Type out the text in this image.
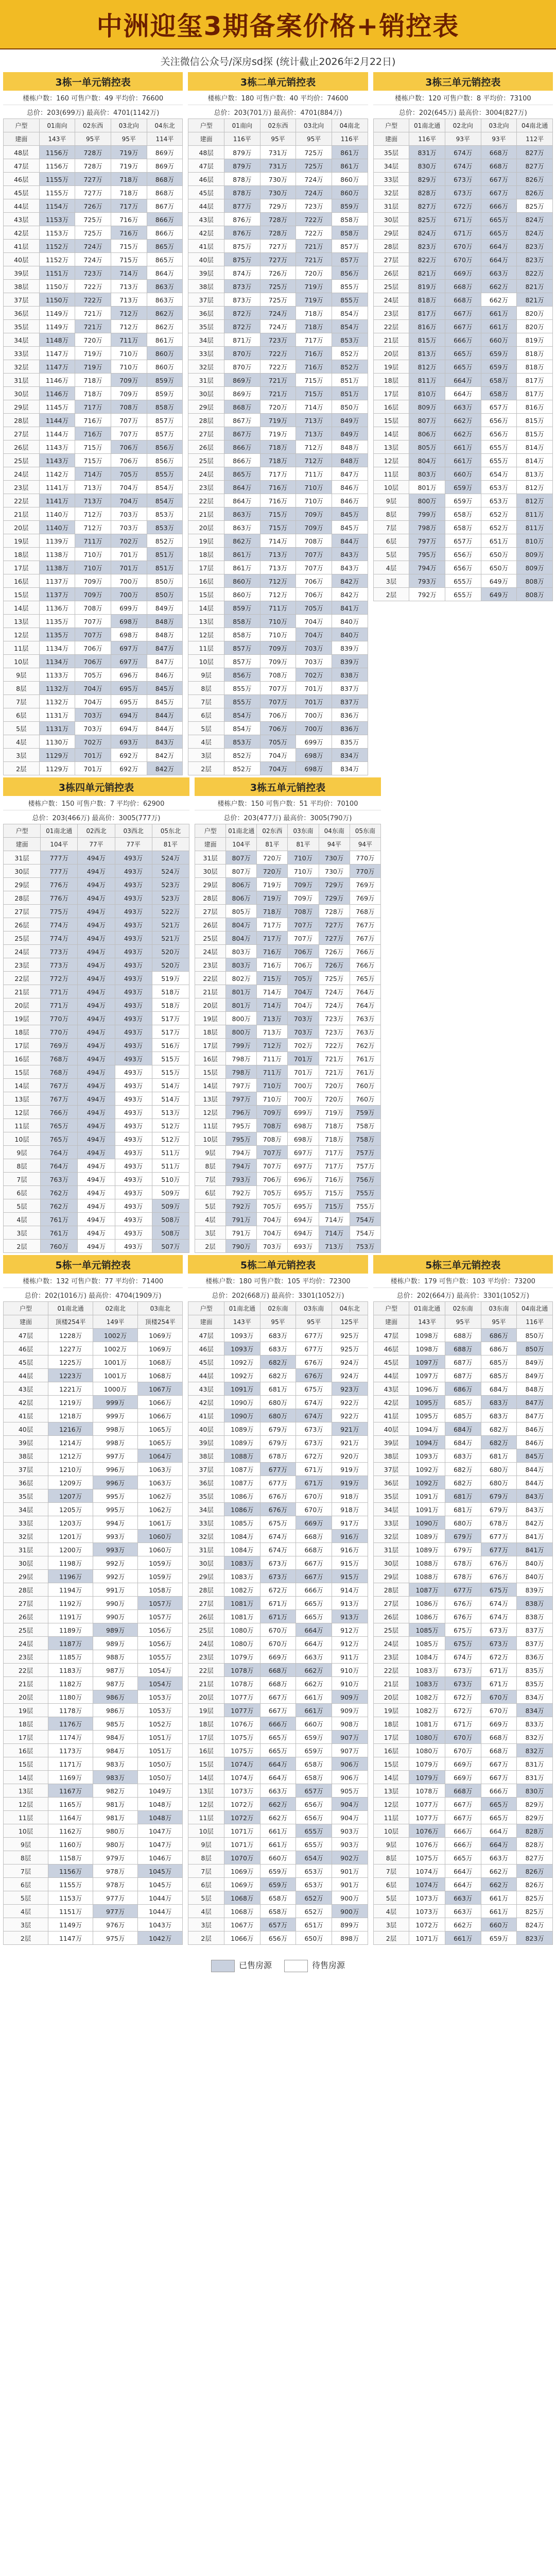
中洲迎玺3期备案价格+销控表
关注微信公众号/深房sd探 (统计截止2026年2月22日)
3栋一单元销控表
楼栋户数：160 可售户数：49 平均价：76600
总价：203(699万) 最高价：4701(1142万)
户型	01南向	02东西	03北向	04东北
建面	143平	95平	95平	114平
48层	1156万	728万	719万	869万
47层	1156万	728万	719万	869万
46层	1155万	727万	718万	868万
45层	1155万	727万	718万	868万
44层	1154万	726万	717万	867万
43层	1153万	725万	716万	866万
42层	1153万	725万	716万	866万
41层	1152万	724万	715万	865万
40层	1152万	724万	715万	865万
39层	1151万	723万	714万	864万
38层	1150万	722万	713万	863万
37层	1150万	722万	713万	863万
36层	1149万	721万	712万	862万
35层	1149万	721万	712万	862万
34层	1148万	720万	711万	861万
33层	1147万	719万	710万	860万
32层	1147万	719万	710万	860万
31层	1146万	718万	709万	859万
30层	1146万	718万	709万	859万
29层	1145万	717万	708万	858万
28层	1144万	716万	707万	857万
27层	1144万	716万	707万	857万
26层	1143万	715万	706万	856万
25层	1143万	715万	706万	856万
24层	1142万	714万	705万	855万
23层	1141万	713万	704万	854万
22层	1141万	713万	704万	854万
21层	1140万	712万	703万	853万
20层	1140万	712万	703万	853万
19层	1139万	711万	702万	852万
18层	1138万	710万	701万	851万
17层	1138万	710万	701万	851万
16层	1137万	709万	700万	850万
15层	1137万	709万	700万	850万
14层	1136万	708万	699万	849万
13层	1135万	707万	698万	848万
12层	1135万	707万	698万	848万
11层	1134万	706万	697万	847万
10层	1134万	706万	697万	847万
9层	1133万	705万	696万	846万
8层	1132万	704万	695万	845万
7层	1132万	704万	695万	845万
6层	1131万	703万	694万	844万
5层	1131万	703万	694万	844万
4层	1130万	702万	693万	843万
3层	1129万	701万	692万	842万
2层	1129万	701万	692万	842万
3栋二单元销控表
楼栋户数：180 可售户数：40 平均价：74600
总价：203(701万) 最高价：4701(884万)
户型	01南向	02东西	03北向	04南北
建面	116平	95平	95平	116平
48层	879万	731万	725万	861万
47层	879万	731万	725万	861万
46层	878万	730万	724万	860万
45层	878万	730万	724万	860万
44层	877万	729万	723万	859万
43层	876万	728万	722万	858万
42层	876万	728万	722万	858万
41层	875万	727万	721万	857万
40层	875万	727万	721万	857万
39层	874万	726万	720万	856万
38层	873万	725万	719万	855万
37层	873万	725万	719万	855万
36层	872万	724万	718万	854万
35层	872万	724万	718万	854万
34层	871万	723万	717万	853万
33层	870万	722万	716万	852万
32层	870万	722万	716万	852万
31层	869万	721万	715万	851万
30层	869万	721万	715万	851万
29层	868万	720万	714万	850万
28层	867万	719万	713万	849万
27层	867万	719万	713万	849万
26层	866万	718万	712万	848万
25层	866万	718万	712万	848万
24层	865万	717万	711万	847万
23层	864万	716万	710万	846万
22层	864万	716万	710万	846万
21层	863万	715万	709万	845万
20层	863万	715万	709万	845万
19层	862万	714万	708万	844万
18层	861万	713万	707万	843万
17层	861万	713万	707万	843万
16层	860万	712万	706万	842万
15层	860万	712万	706万	842万
14层	859万	711万	705万	841万
13层	858万	710万	704万	840万
12层	858万	710万	704万	840万
11层	857万	709万	703万	839万
10层	857万	709万	703万	839万
9层	856万	708万	702万	838万
8层	855万	707万	701万	837万
7层	855万	707万	701万	837万
6层	854万	706万	700万	836万
5层	854万	706万	700万	836万
4层	853万	705万	699万	835万
3层	852万	704万	698万	834万
2层	852万	704万	698万	834万
3栋三单元销控表
楼栋户数：120 可售户数：8 平均价：73100
总价：202(645万) 最高价：3004(827万)
户型	01南北通	02北向	03北向	04南北通
建面	116平	93平	93平	112平
35层	831万	674万	668万	827万
34层	830万	674万	668万	827万
33层	829万	673万	667万	826万
32层	828万	673万	667万	826万
31层	827万	672万	666万	825万
30层	825万	671万	665万	824万
29层	824万	671万	665万	824万
28层	823万	670万	664万	823万
27层	822万	670万	664万	823万
26层	821万	669万	663万	822万
25层	819万	668万	662万	821万
24层	818万	668万	662万	821万
23层	817万	667万	661万	820万
22层	816万	667万	661万	820万
21层	815万	666万	660万	819万
20层	813万	665万	659万	818万
19层	812万	665万	659万	818万
18层	811万	664万	658万	817万
17层	810万	664万	658万	817万
16层	809万	663万	657万	816万
15层	807万	662万	656万	815万
14层	806万	662万	656万	815万
13层	805万	661万	655万	814万
12层	804万	661万	655万	814万
11层	803万	660万	654万	813万
10层	801万	659万	653万	812万
9层	800万	659万	653万	812万
8层	799万	658万	652万	811万
7层	798万	658万	652万	811万
6层	797万	657万	651万	810万
5层	795万	656万	650万	809万
4层	794万	656万	650万	809万
3层	793万	655万	649万	808万
2层	792万	655万	649万	808万
3栋四单元销控表
楼栋户数：150 可售户数：7 平均价：62900
总价：203(466万) 最高价：3005(777万)
户型	01南北通	02西北	03西北	05东北
建面	104平	77平	77平	81平
31层	777万	494万	493万	524万
30层	777万	494万	493万	524万
29层	776万	494万	493万	523万
28层	776万	494万	493万	523万
27层	775万	494万	493万	522万
26层	774万	494万	493万	521万
25层	774万	494万	493万	521万
24层	773万	494万	493万	520万
23层	773万	494万	493万	520万
22层	772万	494万	493万	519万
21层	771万	494万	493万	518万
20层	771万	494万	493万	518万
19层	770万	494万	493万	517万
18层	770万	494万	493万	517万
17层	769万	494万	493万	516万
16层	768万	494万	493万	515万
15层	768万	494万	493万	515万
14层	767万	494万	493万	514万
13层	767万	494万	493万	514万
12层	766万	494万	493万	513万
11层	765万	494万	493万	512万
10层	765万	494万	493万	512万
9层	764万	494万	493万	511万
8层	764万	494万	493万	511万
7层	763万	494万	493万	510万
6层	762万	494万	493万	509万
5层	762万	494万	493万	509万
4层	761万	494万	493万	508万
3层	761万	494万	493万	508万
2层	760万	494万	493万	507万
3栋五单元销控表
楼栋户数：150 可售户数：51 平均价：70100
总价：203(477万) 最高价：3005(790万)
户型	01南北通	02东西	03东南	04东南	05东南
建面	104平	81平	81平	94平	94平
31层	807万	720万	710万	730万	770万
30层	807万	720万	710万	730万	770万
29层	806万	719万	709万	729万	769万
28层	806万	719万	709万	729万	769万
27层	805万	718万	708万	728万	768万
26层	804万	717万	707万	727万	767万
25层	804万	717万	707万	727万	767万
24层	803万	716万	706万	726万	766万
23层	803万	716万	706万	726万	766万
22层	802万	715万	705万	725万	765万
21层	801万	714万	704万	724万	764万
20层	801万	714万	704万	724万	764万
19层	800万	713万	703万	723万	763万
18层	800万	713万	703万	723万	763万
17层	799万	712万	702万	722万	762万
16层	798万	711万	701万	721万	761万
15层	798万	711万	701万	721万	761万
14层	797万	710万	700万	720万	760万
13层	797万	710万	700万	720万	760万
12层	796万	709万	699万	719万	759万
11层	795万	708万	698万	718万	758万
10层	795万	708万	698万	718万	758万
9层	794万	707万	697万	717万	757万
8层	794万	707万	697万	717万	757万
7层	793万	706万	696万	716万	756万
6层	792万	705万	695万	715万	755万
5层	792万	705万	695万	715万	755万
4层	791万	704万	694万	714万	754万
3层	791万	704万	694万	714万	754万
2层	790万	703万	693万	713万	753万
5栋一单元销控表
楼栋户数：132 可售户数：77 平均价：71400
总价：202(1016万) 最高价：4704(1909万)
户型	01南北通	02南北	03南北
建面	顶楼254平	149平	顶楼254平
47层	1228万	1002万	1069万
46层	1227万	1002万	1069万
45层	1225万	1001万	1068万
44层	1223万	1001万	1068万
43层	1221万	1000万	1067万
42层	1219万	999万	1066万
41层	1218万	999万	1066万
40层	1216万	998万	1065万
39层	1214万	998万	1065万
38层	1212万	997万	1064万
37层	1210万	996万	1063万
36层	1209万	996万	1063万
35层	1207万	995万	1062万
34层	1205万	995万	1062万
33层	1203万	994万	1061万
32层	1201万	993万	1060万
31层	1200万	993万	1060万
30层	1198万	992万	1059万
29层	1196万	992万	1059万
28层	1194万	991万	1058万
27层	1192万	990万	1057万
26层	1191万	990万	1057万
25层	1189万	989万	1056万
24层	1187万	989万	1056万
23层	1185万	988万	1055万
22层	1183万	987万	1054万
21层	1182万	987万	1054万
20层	1180万	986万	1053万
19层	1178万	986万	1053万
18层	1176万	985万	1052万
17层	1174万	984万	1051万
16层	1173万	984万	1051万
15层	1171万	983万	1050万
14层	1169万	983万	1050万
13层	1167万	982万	1049万
12层	1165万	981万	1048万
11层	1164万	981万	1048万
10层	1162万	980万	1047万
9层	1160万	980万	1047万
8层	1158万	979万	1046万
7层	1156万	978万	1045万
6层	1155万	978万	1045万
5层	1153万	977万	1044万
4层	1151万	977万	1044万
3层	1149万	976万	1043万
2层	1147万	975万	1042万
5栋二单元销控表
楼栋户数：180 可售户数：105 平均价：72300
总价：202(668万) 最高价：3301(1052万)
户型	01南北通	02东南	03东南	04东北
建面	143平	95平	95平	125平
47层	1093万	683万	677万	925万
46层	1093万	683万	677万	925万
45层	1092万	682万	676万	924万
44层	1092万	682万	676万	924万
43层	1091万	681万	675万	923万
42层	1090万	680万	674万	922万
41层	1090万	680万	674万	922万
40层	1089万	679万	673万	921万
39层	1089万	679万	673万	921万
38层	1088万	678万	672万	920万
37层	1087万	677万	671万	919万
36层	1087万	677万	671万	919万
35层	1086万	676万	670万	918万
34层	1086万	676万	670万	918万
33层	1085万	675万	669万	917万
32层	1084万	674万	668万	916万
31层	1084万	674万	668万	916万
30层	1083万	673万	667万	915万
29层	1083万	673万	667万	915万
28层	1082万	672万	666万	914万
27层	1081万	671万	665万	913万
26层	1081万	671万	665万	913万
25层	1080万	670万	664万	912万
24层	1080万	670万	664万	912万
23层	1079万	669万	663万	911万
22层	1078万	668万	662万	910万
21层	1078万	668万	662万	910万
20层	1077万	667万	661万	909万
19层	1077万	667万	661万	909万
18层	1076万	666万	660万	908万
17层	1075万	665万	659万	907万
16层	1075万	665万	659万	907万
15层	1074万	664万	658万	906万
14层	1074万	664万	658万	906万
13层	1073万	663万	657万	905万
12层	1072万	662万	656万	904万
11层	1072万	662万	656万	904万
10层	1071万	661万	655万	903万
9层	1071万	661万	655万	903万
8层	1070万	660万	654万	902万
7层	1069万	659万	653万	901万
6层	1069万	659万	653万	901万
5层	1068万	658万	652万	900万
4层	1068万	658万	652万	900万
3层	1067万	657万	651万	899万
2层	1066万	656万	650万	898万
5栋三单元销控表
楼栋户数：179 可售户数：103 平均价：73200
总价：202(664万) 最高价：3301(1052万)
户型	01南北通	02东南	03东南	04南北通
建面	143平	95平	95平	116平
47层	1098万	688万	686万	850万
46层	1098万	688万	686万	850万
45层	1097万	687万	685万	849万
44层	1097万	687万	685万	849万
43层	1096万	686万	684万	848万
42层	1095万	685万	683万	847万
41层	1095万	685万	683万	847万
40层	1094万	684万	682万	846万
39层	1094万	684万	682万	846万
38层	1093万	683万	681万	845万
37层	1092万	682万	680万	844万
36层	1092万	682万	680万	844万
35层	1091万	681万	679万	843万
34层	1091万	681万	679万	843万
33层	1090万	680万	678万	842万
32层	1089万	679万	677万	841万
31层	1089万	679万	677万	841万
30层	1088万	678万	676万	840万
29层	1088万	678万	676万	840万
28层	1087万	677万	675万	839万
27层	1086万	676万	674万	838万
26层	1086万	676万	674万	838万
25层	1085万	675万	673万	837万
24层	1085万	675万	673万	837万
23层	1084万	674万	672万	836万
22层	1083万	673万	671万	835万
21层	1083万	673万	671万	835万
20层	1082万	672万	670万	834万
19层	1082万	672万	670万	834万
18层	1081万	671万	669万	833万
17层	1080万	670万	668万	832万
16层	1080万	670万	668万	832万
15层	1079万	669万	667万	831万
14层	1079万	669万	667万	831万
13层	1078万	668万	666万	830万
12层	1077万	667万	665万	829万
11层	1077万	667万	665万	829万
10层	1076万	666万	664万	828万
9层	1076万	666万	664万	828万
8层	1075万	665万	663万	827万
7层	1074万	664万	662万	826万
6层	1074万	664万	662万	826万
5层	1073万	663万	661万	825万
4层	1073万	663万	661万	825万
3层	1072万	662万	660万	824万
2层	1071万	661万	659万	823万
已售房源	待售房源
